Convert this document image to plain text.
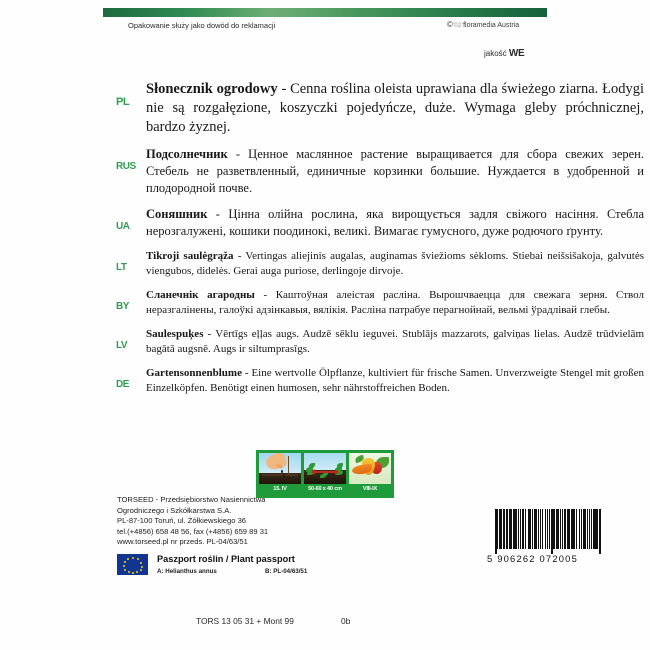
Opakowanie służy jako dowód do reklamacji	©'02'floramedia Austria
jakość WE
PL
Słonecznik ogrodowy - Cenna roślina oleista uprawiana dla świeżego ziarna. Łodygi nie są rozgałęzione, koszyczki pojedyńcze, duże. Wymaga gleby próchnicznej, bardzo żyznej.
RUS
Подсолнечник - Ценное маслянное растение выращивается для сбора свежих зерен. Стебель не разветвленный, единичные корзинки большие. Нуждается в удобренной и плодородной почве.
UA
Соняшник - Цінна олійна рослина, яка вирощується задля свіжого насіння. Стебла нерозгалужені, кошики поодинокі, великі. Вимагає гумусного, дуже родючого ґрунту.
LT
Tikroji saulėgrąža - Vertingas aliejinis augalas, auginamas šviežioms sėkloms. Stiebai neišsišakoja, galvutės viengubos, didelės. Gerai auga puriose, derlingoje dirvoje.
BY
Сланечнік агародны - Каштоўная алеістая расліна. Вырошчваецца для свежага зерня. Ствол неразгалінены, галоўкі адзінкавыя, вялікія. Расліна патрабуе перагнойнай, вельмі ўрадлівай глебы.
LV
Saulespuķes - Vērtīgs eļļas augs. Audzē sēklu ieguvei. Stublājs mazzarots, galviņas lielas. Audzē trūdvielām bagātā augsnē. Augs ir siltumprasīgs.
DE
Gartensonnenblume - Eine wertvolle Ölpflanze, kultiviert für frische Samen. Unverzweigte Stengel mit großen Einzelköpfen. Benötigt einen humosen, sehr nährstoffreichen Boden.
15. IV	50-60 x 40 cm	VIII-IX
TORSEED - Przedsiębiorstwo Nasiennictwa
Ogrodniczego i Szkółkarstwa S.A.
PL-87-100 Toruń, ul. Żółkiewskiego 36
tel.(+4856) 658 48 56, fax (+4856) 659 89 31
www.torseed.pl nr przeds. PL-04/63/51
Paszport roślin / Plant passport
A: Helianthus annus	B: PL-04/63/51
5 906262 072005
TORS 13 05 31 + Mont 99	0b
